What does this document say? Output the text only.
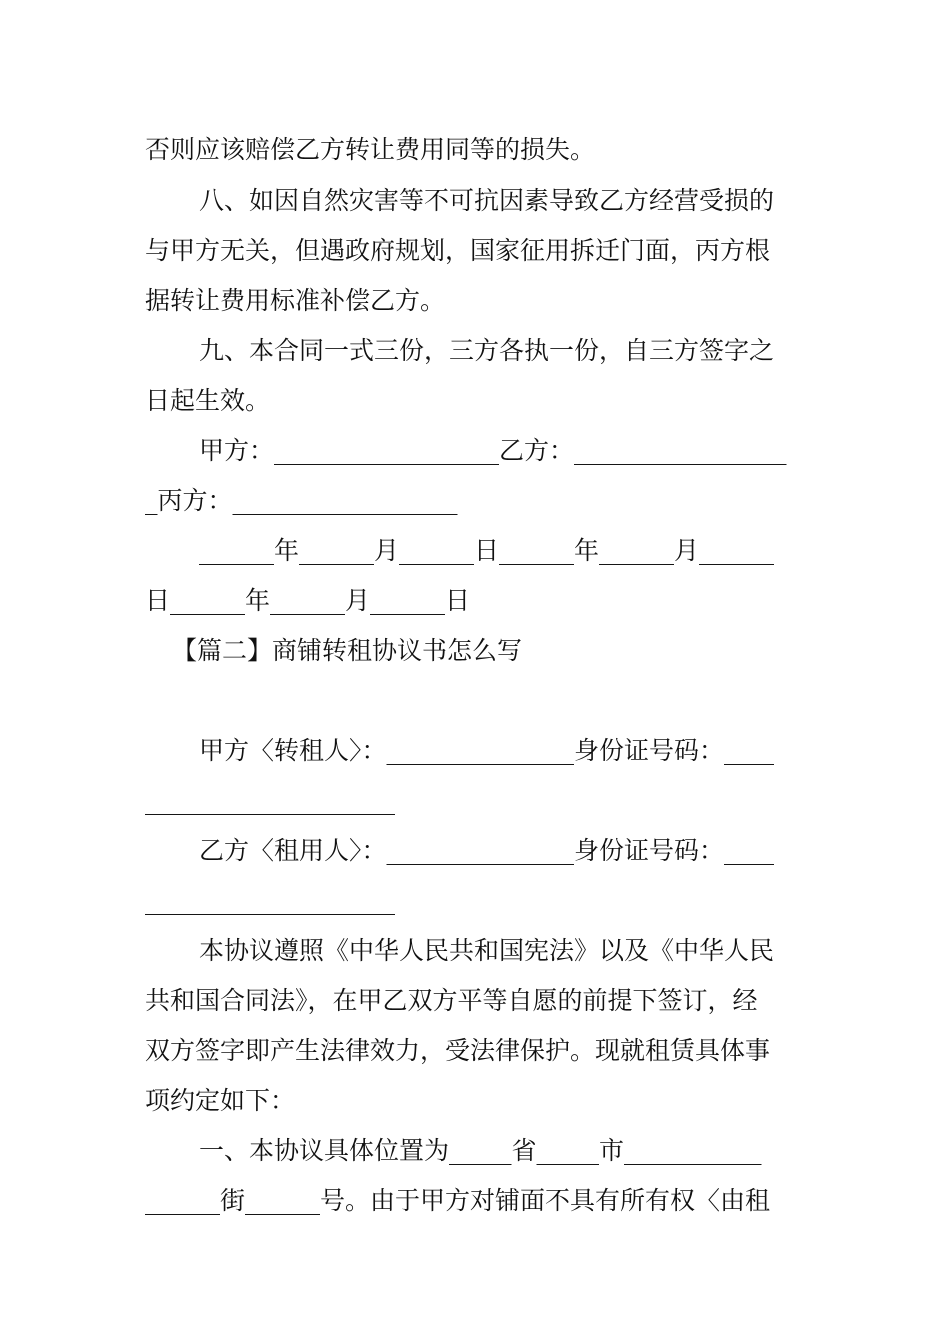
否则应该赔偿乙方转让费用同等的损失。
八、如因自然灾害等不可抗因素导致乙方经营受损的
与甲方无关，但遇政府规划，国家征用拆迁门面，丙方根
据转让费用标准补偿乙方。
九、本合同一式三份，三方各执一份，自三方签字之
日起生效。
甲方：__________________乙方：_________________
_丙方：__________________
______年______月______日______年______月______
日______年______月______日
【篇二】商铺转租协议书怎么写
甲方〈转租人〉：_______________身份证号码：____
____________________
乙方〈租用人〉：_______________身份证号码：____
____________________
本协议遵照《中华人民共和国宪法》以及《中华人民
共和国合同法》，在甲乙双方平等自愿的前提下签订，经
双方签字即产生法律效力，受法律保护。现就租赁具体事
项约定如下：
一、本协议具体位置为_____省_____市___________
______街______号。由于甲方对铺面不具有所有权〈由租
